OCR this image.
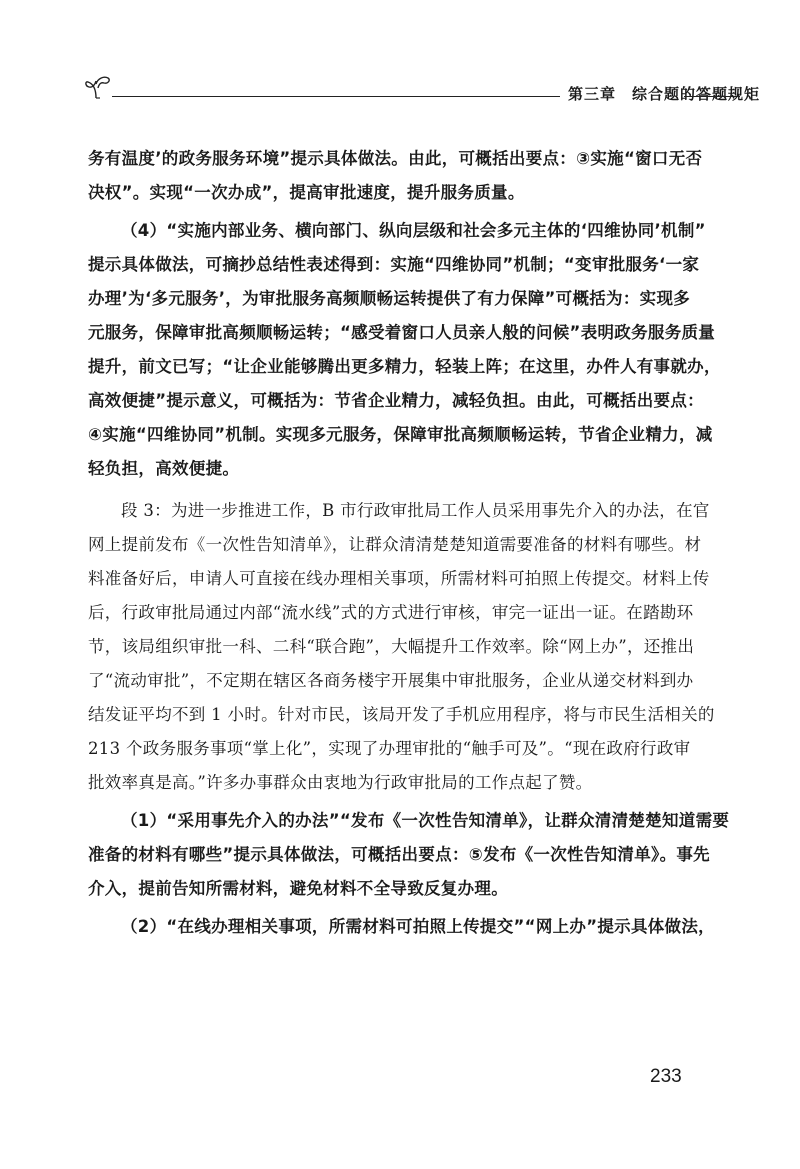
第三章　综合题的答题规矩

务有温度’的政务服务环境”提示具体做法。由此，可概括出要点：③实施“窗口无否
决权”。实现“一次办成”，提高审批速度，提升服务质量。

（4）“实施内部业务、横向部门、纵向层级和社会多元主体的‘四维协同’机制”
提示具体做法，可摘抄总结性表述得到：实施“四维协同”机制；“变审批服务‘一家
办理’为‘多元服务’，为审批服务高频顺畅运转提供了有力保障”可概括为：实现多
元服务，保障审批高频顺畅运转；“感受着窗口人员亲人般的问候”表明政务服务质量
提升，前文已写；“让企业能够腾出更多精力，轻装上阵；在这里，办件人有事就办，
高效便捷”提示意义，可概括为：节省企业精力，减轻负担。由此，可概括出要点：
④实施“四维协同”机制。实现多元服务，保障审批高频顺畅运转，节省企业精力，减
轻负担，高效便捷。

段 3：为进一步推进工作，B 市行政审批局工作人员采用事先介入的办法，在官
网上提前发布《一次性告知清单》，让群众清清楚楚知道需要准备的材料有哪些。材
料准备好后，申请人可直接在线办理相关事项，所需材料可拍照上传提交。材料上传
后，行政审批局通过内部“流水线”式的方式进行审核，审完一证出一证。在踏勘环
节，该局组织审批一科、二科“联合跑”，大幅提升工作效率。除“网上办”，还推出
了“流动审批”，不定期在辖区各商务楼宇开展集中审批服务，企业从递交材料到办
结发证平均不到 1 小时。针对市民，该局开发了手机应用程序，将与市民生活相关的
213 个政务服务事项“掌上化”，实现了办理审批的“触手可及”。“现在政府行政审
批效率真是高。”许多办事群众由衷地为行政审批局的工作点起了赞。

（1）“采用事先介入的办法”“发布《一次性告知清单》，让群众清清楚楚知道需要
准备的材料有哪些”提示具体做法，可概括出要点：⑤发布《一次性告知清单》。事先
介入，提前告知所需材料，避免材料不全导致反复办理。

（2）“在线办理相关事项，所需材料可拍照上传提交”“网上办”提示具体做法，

233
